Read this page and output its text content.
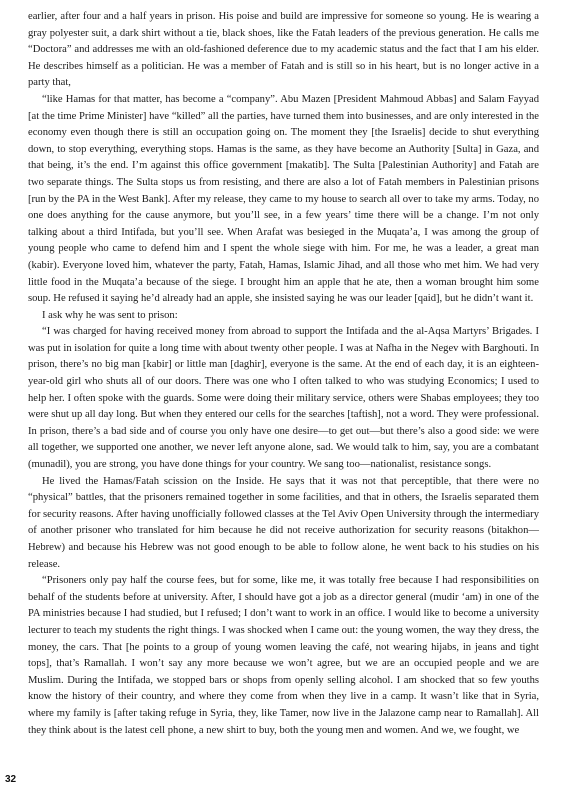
earlier, after four and a half years in prison. His poise and build are impressive for someone so young. He is wearing a gray polyester suit, a dark shirt without a tie, black shoes, like the Fatah leaders of the previous generation. He calls me “Doctora” and addresses me with an old-fashioned deference due to my academic status and the fact that I am his elder. He describes himself as a politician. He was a member of Fatah and is still so in his heart, but is no longer active in a party that,

“like Hamas for that matter, has become a “company”. Abu Mazen [President Mahmoud Abbas] and Salam Fayyad [at the time Prime Minister] have “killed” all the parties, have turned them into businesses, and are only interested in the economy even though there is still an occupation going on. The moment they [the Israelis] decide to shut everything down, to stop everything, everything stops. Hamas is the same, as they have become an Authority [Sulta] in Gaza, and that being, it’s the end. I’m against this office government [makatib]. The Sulta [Palestinian Authority] and Fatah are two separate things. The Sulta stops us from resisting, and there are also a lot of Fatah members in Palestinian prisons [run by the PA in the West Bank]. After my release, they came to my house to search all over to take my arms. Today, no one does anything for the cause anymore, but you’ll see, in a few years’ time there will be a change. I’m not only talking about a third Intifada, but you’ll see. When Arafat was besieged in the Muqata’a, I was among the group of young people who came to defend him and I spent the whole siege with him. For me, he was a leader, a great man (kabir). Everyone loved him, whatever the party, Fatah, Hamas, Islamic Jihad, and all those who met him. We had very little food in the Muqata’a because of the siege. I brought him an apple that he ate, then a woman brought him some soup. He refused it saying he’d already had an apple, she insisted saying he was our leader [qaid], but he didn’t want it.

I ask why he was sent to prison:

“I was charged for having received money from abroad to support the Intifada and the al-Aqsa Martyrs’ Brigades. I was put in isolation for quite a long time with about twenty other people. I was at Nafha in the Negev with Barghouti. In prison, there’s no big man [kabir] or little man [daghir], everyone is the same. At the end of each day, it is an eighteen-year-old girl who shuts all of our doors. There was one who I often talked to who was studying Economics; I used to help her. I often spoke with the guards. Some were doing their military service, others were Shabas employees; they too were shut up all day long. But when they entered our cells for the searches [taftish], not a word. They were professional. In prison, there’s a bad side and of course you only have one desire—to get out—but there’s also a good side: we were all together, we supported one another, we never left anyone alone, sad. We would talk to him, say, you are a combatant (munadil), you are strong, you have done things for your country. We sang too—nationalist, resistance songs.

He lived the Hamas/Fatah scission on the Inside. He says that it was not that perceptible, that there were no “physical” battles, that the prisoners remained together in some facilities, and that in others, the Israelis separated them for security reasons. After having unofficially followed classes at the Tel Aviv Open University through the intermediary of another prisoner who translated for him because he did not receive authorization for security reasons (bitakhon—Hebrew) and because his Hebrew was not good enough to be able to follow alone, he went back to his studies on his release.

“Prisoners only pay half the course fees, but for some, like me, it was totally free because I had responsibilities on behalf of the students before at university. After, I should have got a job as a director general (mudir ‘am) in one of the PA ministries because I had studied, but I refused; I don’t want to work in an office. I would like to become a university lecturer to teach my students the right things. I was shocked when I came out: the young women, the way they dress, the money, the cars. That [he points to a group of young women leaving the café, not wearing hijabs, in jeans and tight tops], that’s Ramallah. I won’t say any more because we won’t agree, but we are an occupied people and we are Muslim. During the Intifada, we stopped bars or shops from openly selling alcohol. I am shocked that so few youths know the history of their country, and where they come from when they live in a camp. It wasn’t like that in Syria, where my family is [after taking refuge in Syria, they, like Tamer, now live in the Jalazone camp near to Ramallah]. All they think about is the latest cell phone, a new shirt to buy, both the young men and women. And we, we fought, we

32
